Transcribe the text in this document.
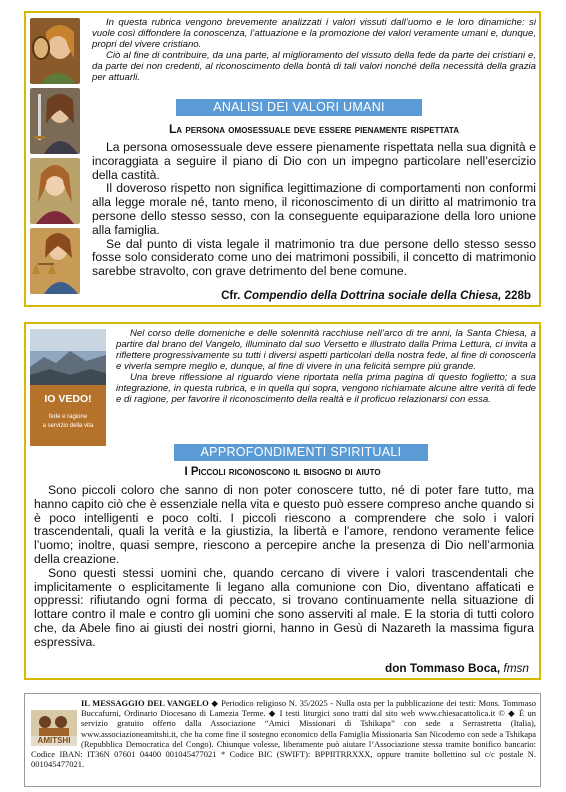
In questa rubrica vengono brevemente analizzati i valori vissuti dall’uomo e le loro dinamiche: si vuole così diffondere la conoscenza, l’attuazione e la promozione dei valori veramente umani e, dunque, propri del vivere cristiano.

Ciò al fine di contribuire, da una parte, al miglioramento del vissuto della fede da parte dei cristiani e, da parte dei non credenti, al riconoscimento della bontà di tali valori nonché della necessità della grazia per attuarli.

ANALISI DEI VALORI UMANI
La persona omosessuale deve essere pienamente rispettata

La persona omosessuale deve essere pienamente rispettata nella sua dignità e incoraggiata a seguire il piano di Dio con un impegno particolare nell’esercizio della castità.

Il doveroso rispetto non significa legittimazione di comportamenti non conformi alla legge morale né, tanto meno, il riconoscimento di un diritto al matrimonio tra persone dello stesso sesso, con la conseguente equiparazione della loro unione alla famiglia.

Se dal punto di vista legale il matrimonio tra due persone dello stesso sesso fosse solo considerato come uno dei matrimoni possibili, il concetto di matrimonio sarebbe stravolto, con grave detrimento del bene comune.

Cfr. Compendio della Dottrina sociale della Chiesa, 228b
IO VEDO!
fede e ragione
a servizio della vita

Nel corso delle domeniche e delle solennità racchiuse nell’arco di tre anni, la Santa Chiesa, a partire dal brano del Vangelo, illuminato dal suo Versetto e illustrato dalla Prima Lettura, ci invita a riflettere progressivamente su tutti i diversi aspetti particolari della nostra fede, al fine di conoscerla e viverla sempre meglio e, dunque, al fine di vivere in una felicità sempre più grande.

Una breve riflessione al riguardo viene riportata nella prima pagina di questo foglietto; a sua integrazione, in questa rubrica, e in quella qui sopra, vengono richiamate alcune altre verità di fede e di ragione, per favorire il riconoscimento della realtà e il proficuo relazionarsi con essa.

APPROFONDIMENTI SPIRITUALI
I Piccoli riconoscono il bisogno di aiuto

Sono piccoli coloro che sanno di non poter conoscere tutto, né di poter fare tutto, ma hanno capito ciò che è essenziale nella vita e questo può essere compreso anche quando si è poco intelligenti e poco colti. I piccoli riescono a comprendere che solo i valori trascendentali, quali la verità e la giustizia, la libertà e l’amore, rendono veramente felice l’uomo; inoltre, quasi sempre, riescono a percepire anche la presenza di Dio nell’armonia della creazione.

Sono questi stessi uomini che, quando cercano di vivere i valori trascendentali che implicitamente o esplicitamente li legano alla comunione con Dio, diventano affaticati e oppressi: rifiutando ogni forma di peccato, si trovano continuamente nella situazione di lottare contro il male e contro gli uomini che sono asserviti al male. E la storia di tutti coloro che, da Abele fino ai giusti dei nostri giorni, hanno in Gesù di Nazareth la massima figura espressiva.

don Tommaso Boca, fmsn
IL MESSAGGIO DEL VANGELO ◆ Periodico religioso N. 35/2025 - Nulla osta per la pubblicazione dei testi: Mons. Tommaso Buccafurni, Ordinario Diocesano di Lamezia Terme. ◆ I testi liturgici sono tratti dal sito web www.chiesacattolica.it © ◆ È un servizio gratuito offerto dalla Associazione “Amici Missionari di Tshikapa” con sede a Serrastretta (Italia), www.associazioneamitshi.it, che ha come fine il sostegno economico della Famiglia Missionaria San Nicodemo con sede a Tshikapa (Repubblica Democratica del Congo). Chiunque volesse, liberamente può aiutare l’Associazione stessa tramite bonifico bancario: Codice IBAN: IT36N 07601 04400 001045477021 * Codice BIC (SWIFT): BPPIITRRXXX, oppure tramite bollettino sul c/c postale N. 001045477021.
AMITSHI
